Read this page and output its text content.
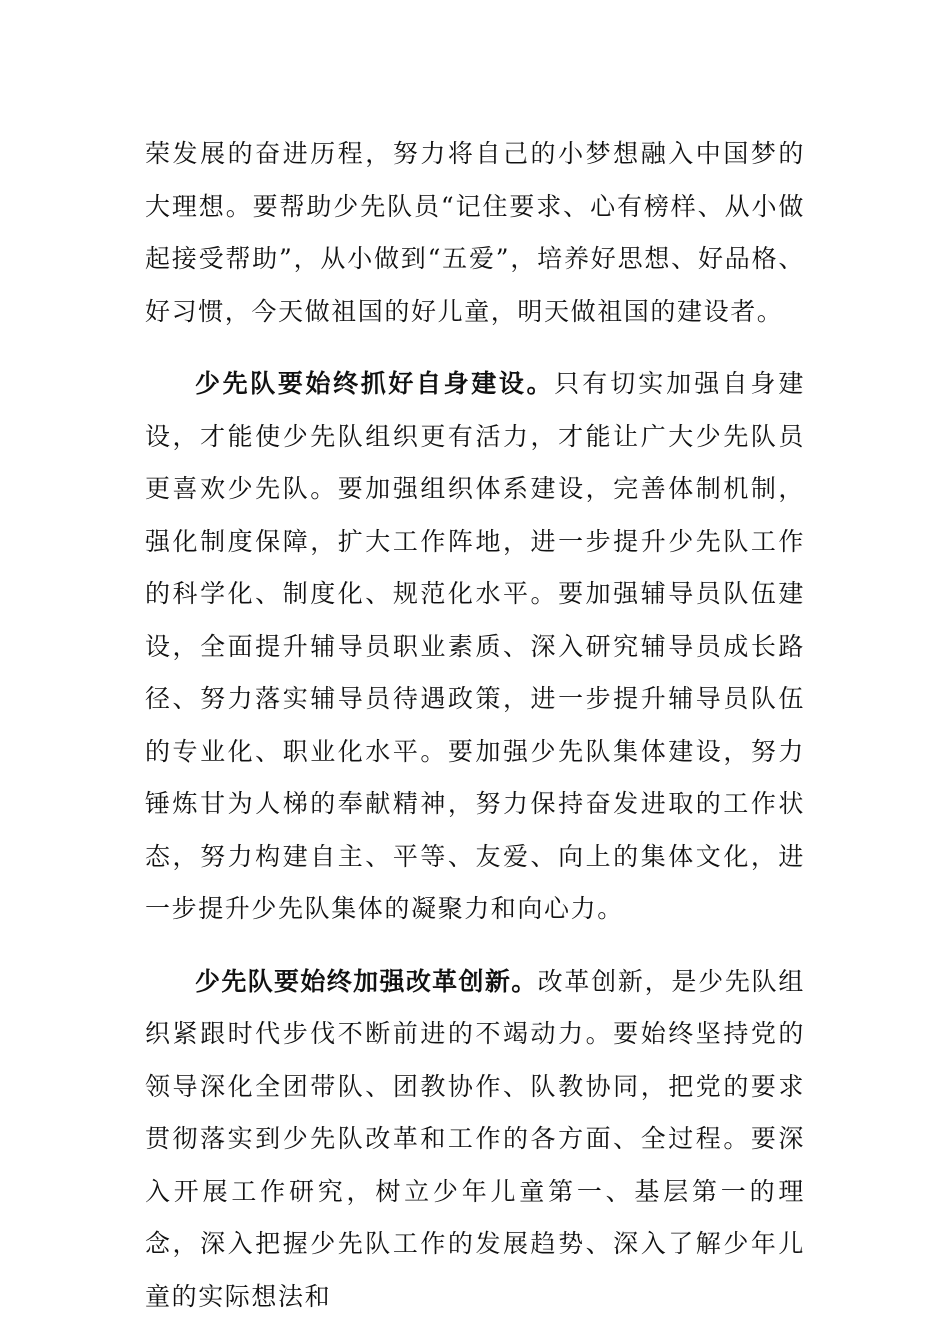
荣发展的奋进历程，努力将自己的小梦想融入中国梦的大理想。要帮助少先队员“记住要求、心有榜样、从小做起接受帮助”，从小做到“五爱”，培养好思想、好品格、好习惯，今天做祖国的好儿童，明天做祖国的建设者。

少先队要始终抓好自身建设。只有切实加强自身建设，才能使少先队组织更有活力，才能让广大少先队员更喜欢少先队。要加强组织体系建设，完善体制机制，强化制度保障，扩大工作阵地，进一步提升少先队工作的科学化、制度化、规范化水平。要加强辅导员队伍建设，全面提升辅导员职业素质、深入研究辅导员成长路径、努力落实辅导员待遇政策，进一步提升辅导员队伍的专业化、职业化水平。要加强少先队集体建设，努力锤炼甘为人梯的奉献精神，努力保持奋发进取的工作状态，努力构建自主、平等、友爱、向上的集体文化，进一步提升少先队集体的凝聚力和向心力。

少先队要始终加强改革创新。改革创新，是少先队组织紧跟时代步伐不断前进的不竭动力。要始终坚持党的领导深化全团带队、团教协作、队教协同，把党的要求贯彻落实到少先队改革和工作的各方面、全过程。要深入开展工作研究，树立少年儿童第一、基层第一的理念，深入把握少先队工作的发展趋势、深入了解少年儿童的实际想法和
